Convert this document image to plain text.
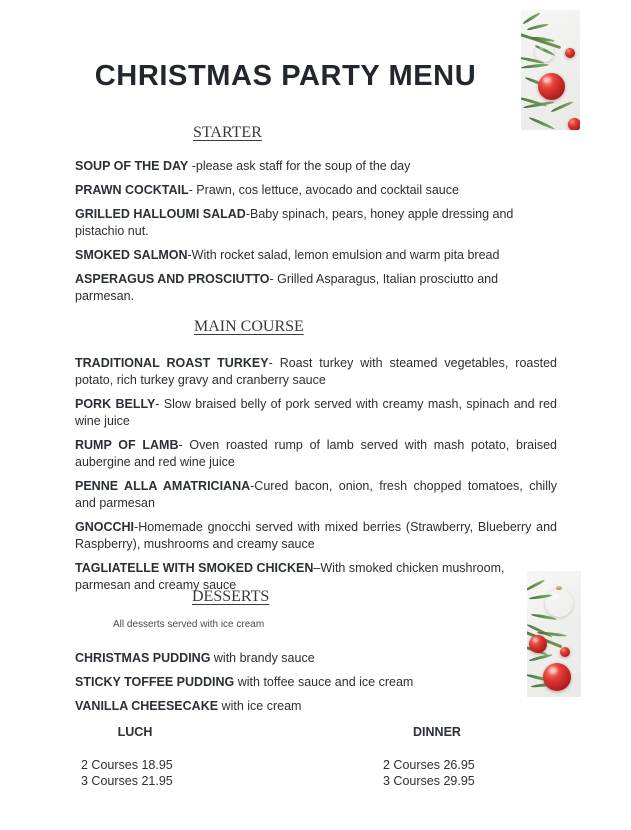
CHRISTMAS PARTY MENU
STARTER
SOUP OF THE DAY -please ask staff for the soup of the day
PRAWN COCKTAIL- Prawn, cos lettuce, avocado and cocktail sauce
GRILLED HALLOUMI SALAD-Baby spinach, pears, honey apple dressing and pistachio nut.
SMOKED SALMON-With rocket salad, lemon emulsion and warm pita bread
ASPERAGUS AND PROSCIUTTO- Grilled Asparagus, Italian prosciutto and parmesan.
MAIN COURSE
TRADITIONAL ROAST TURKEY- Roast turkey with steamed vegetables, roasted potato, rich turkey gravy and cranberry sauce
PORK BELLY- Slow braised belly of pork served with creamy mash, spinach and red wine juice
RUMP OF LAMB- Oven roasted rump of lamb served with mash potato, braised aubergine and red wine juice
PENNE ALLA AMATRICIANA-Cured bacon, onion, fresh chopped tomatoes, chilly and parmesan
GNOCCHI-Homemade gnocchi served with mixed berries (Strawberry, Blueberry and Raspberry), mushrooms and creamy sauce
TAGLIATELLE WITH SMOKED CHICKEN–With smoked chicken mushroom, parmesan and creamy sauce
DESSERTS
All desserts served with ice cream
CHRISTMAS PUDDING with brandy sauce
STICKY TOFFEE PUDDING with toffee sauce and ice cream
VANILLA CHEESECAKE with ice cream
LUCH
2 Courses 18.95
3 Courses 21.95
DINNER
2 Courses 26.95
3 Courses 29.95
